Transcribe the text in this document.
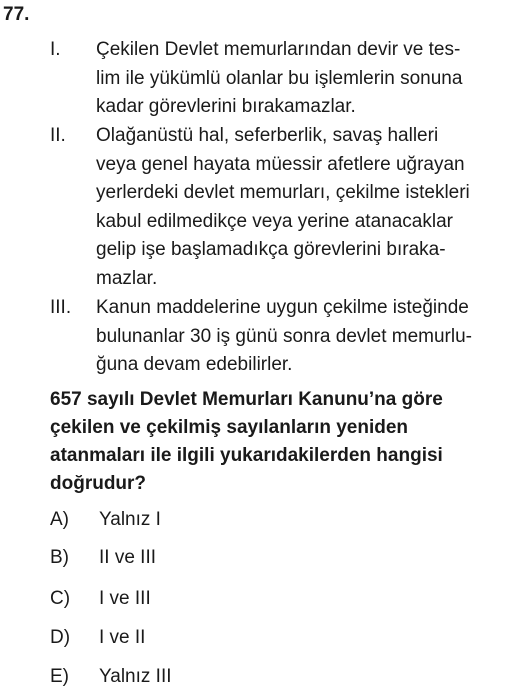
77.
I. Çekilen Devlet memurlarından devir ve tes-
lim ile yükümlü olanlar bu işlemlerin sonuna
kadar görevlerini bırakamazlar.
II. Olağanüstü hal, seferberlik, savaş halleri
veya genel hayata müessir afetlere uğrayan
yerlerdeki devlet memurları, çekilme istekleri
kabul edilmedikçe veya yerine atanacaklar
gelip işe başlamadıkça görevlerini bıraka-
mazlar.
III. Kanun maddelerine uygun çekilme isteğinde
bulunanlar 30 iş günü sonra devlet memurlu-
ğuna devam edebilirler.
657 sayılı Devlet Memurları Kanunu’na göre
çekilen ve çekilmiş sayılanların yeniden
atanmaları ile ilgili yukarıdakilerden hangisi
doğrudur?
A) Yalnız I
B) II ve III
C) I ve III
D) I ve II
E) Yalnız III
